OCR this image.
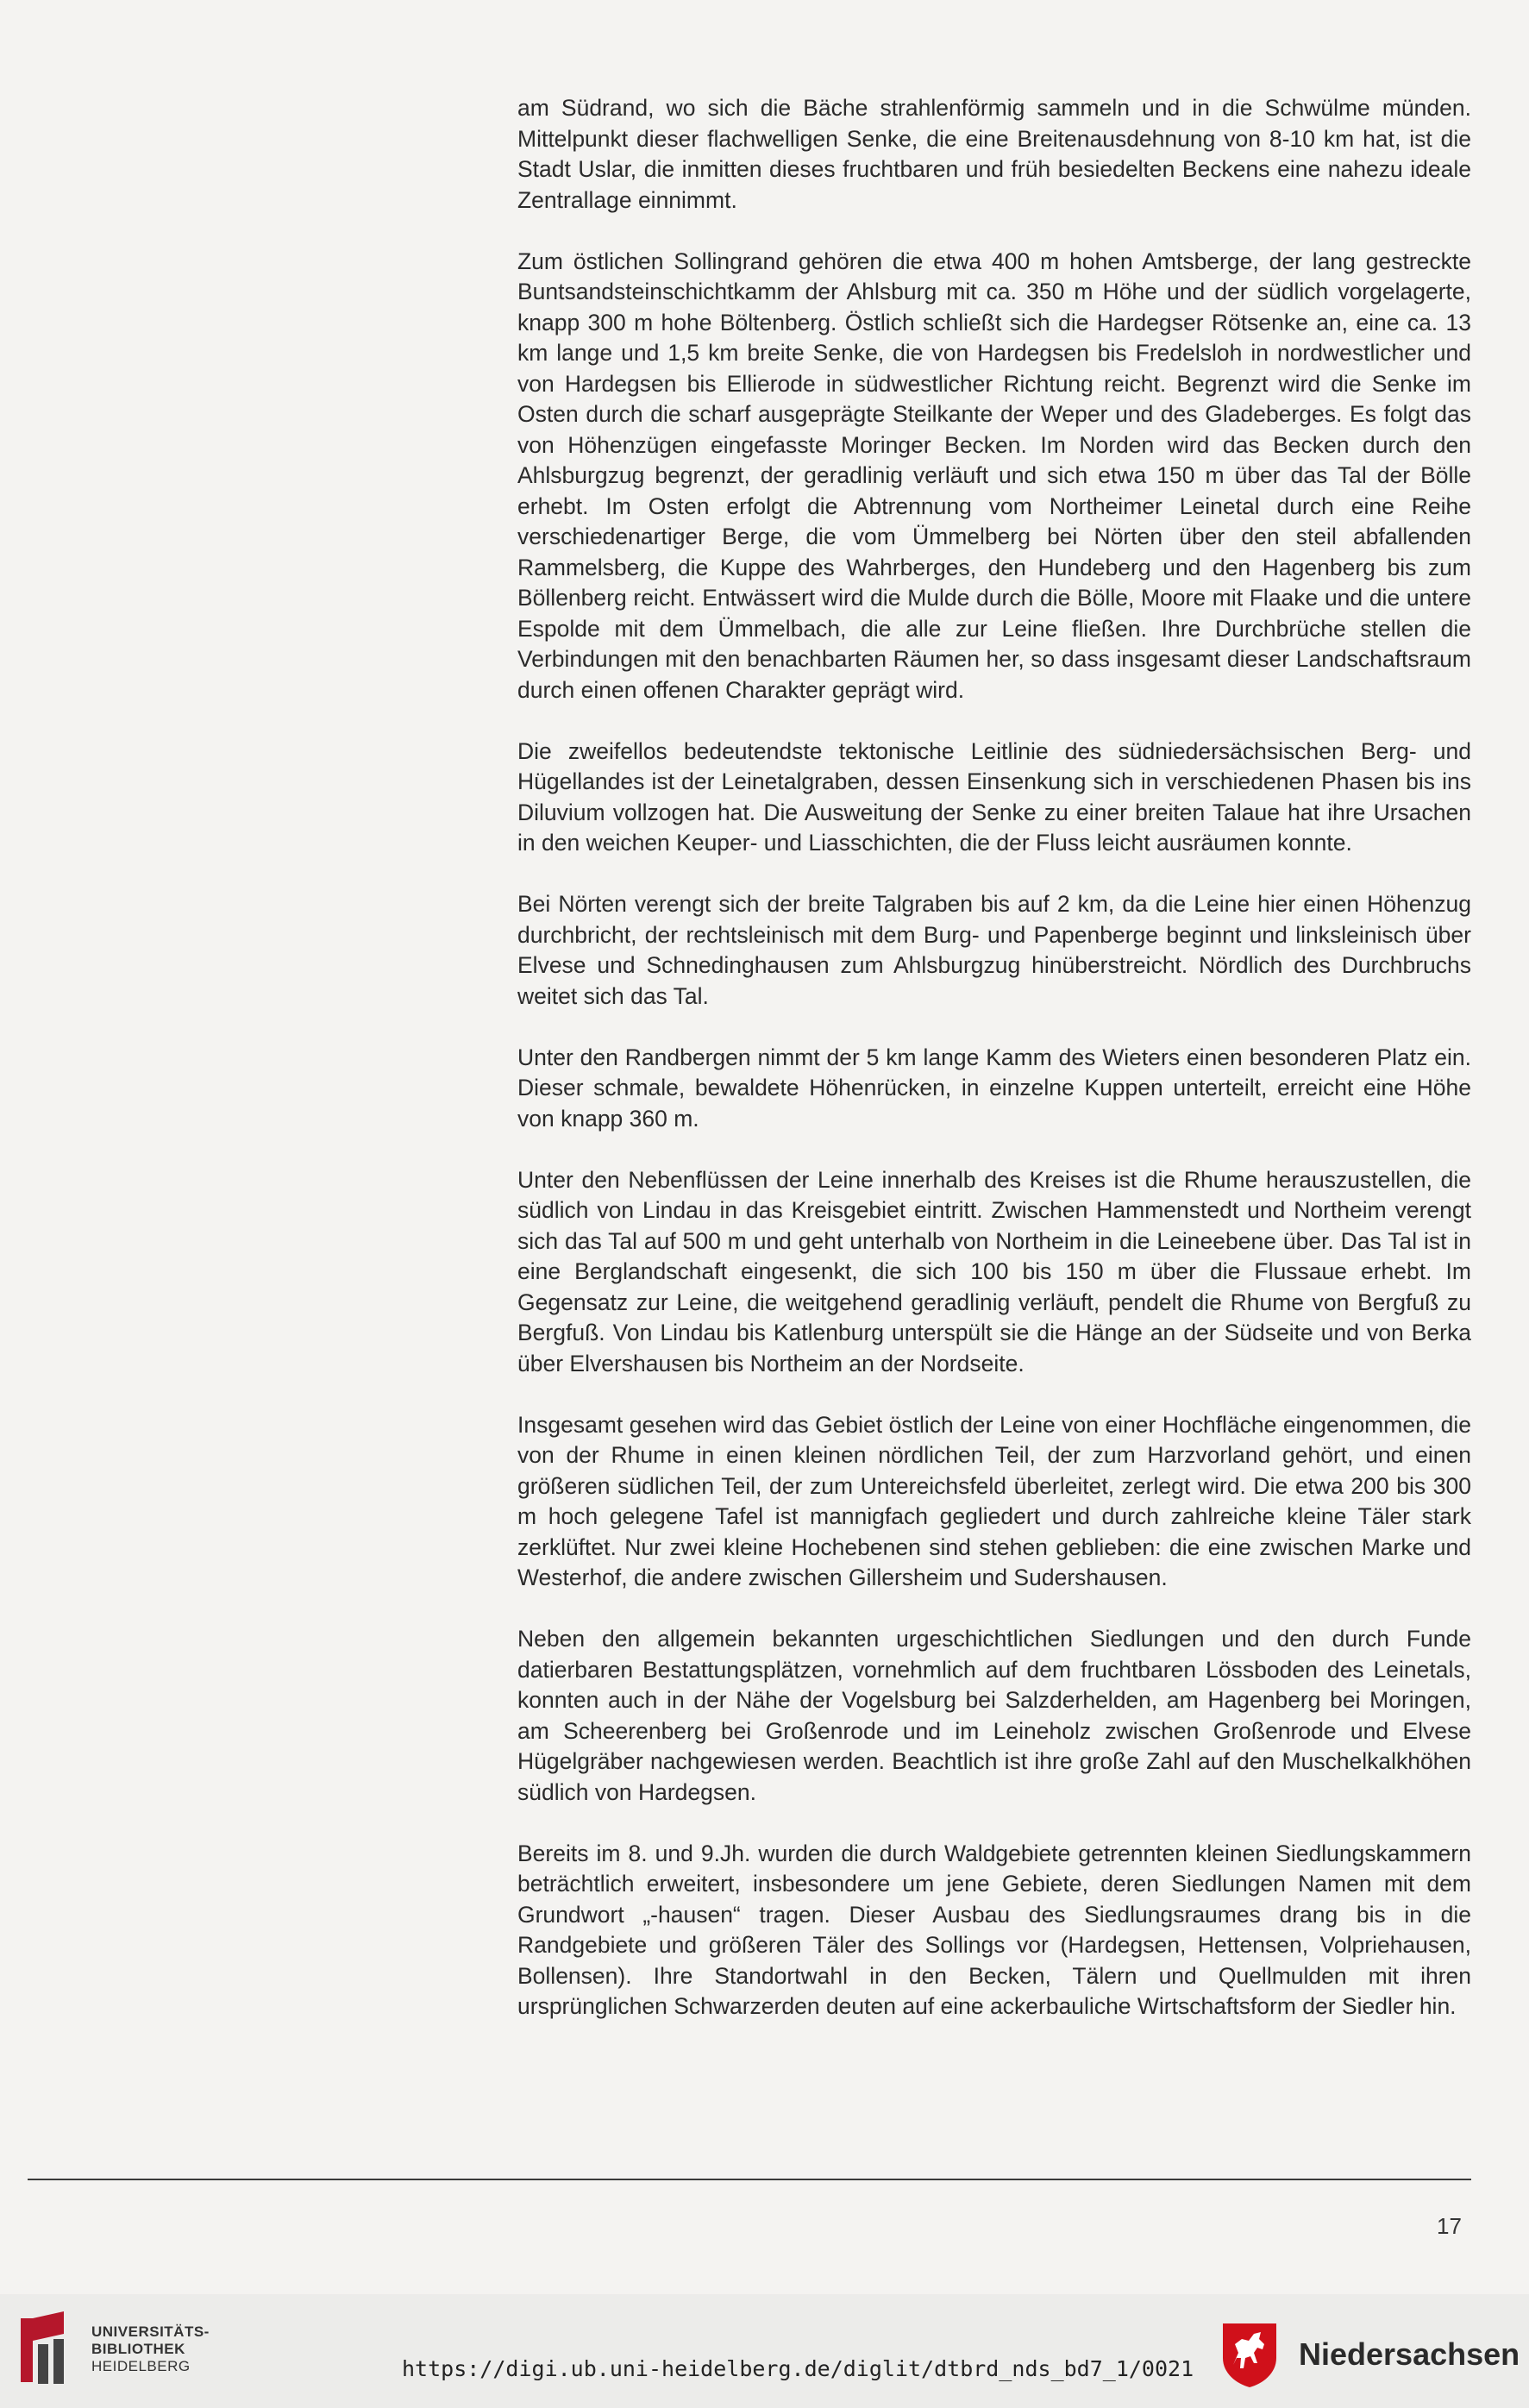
am Südrand, wo sich die Bäche strahlenförmig sammeln und in die Schwülme münden. Mittelpunkt dieser flachwelligen Senke, die eine Breitenausdehnung von 8-10 km hat, ist die Stadt Uslar, die inmitten dieses fruchtbaren und früh besiedelten Beckens eine nahezu ideale Zentrallage einnimmt.

Zum östlichen Sollingrand gehören die etwa 400 m hohen Amtsberge, der lang gestreckte Buntsandsteinschichtkamm der Ahlsburg mit ca. 350 m Höhe und der südlich vorgelagerte, knapp 300 m hohe Böltenberg. Östlich schließt sich die Hardegser Rötsenke an, eine ca. 13 km lange und 1,5 km breite Senke, die von Hardegsen bis Fredelsloh in nordwestlicher und von Hardegsen bis Ellierode in südwestlicher Richtung reicht. Begrenzt wird die Senke im Osten durch die scharf ausgeprägte Steilkante der Weper und des Gladeberges. Es folgt das von Höhenzügen eingefasste Moringer Becken. Im Norden wird das Becken durch den Ahlsburgzug begrenzt, der geradlinig verläuft und sich etwa 150 m über das Tal der Bölle erhebt. Im Osten erfolgt die Abtrennung vom Northeimer Leinetal durch eine Reihe verschiedenartiger Berge, die vom Ümmelberg bei Nörten über den steil abfallenden Rammelsberg, die Kuppe des Wahrberges, den Hundeberg und den Hagenberg bis zum Böllenberg reicht. Entwässert wird die Mulde durch die Bölle, Moore mit Flaake und die untere Espolde mit dem Ümmelbach, die alle zur Leine fließen. Ihre Durchbrüche stellen die Verbindungen mit den benachbarten Räumen her, so dass insgesamt dieser Landschaftsraum durch einen offenen Charakter geprägt wird.

Die zweifellos bedeutendste tektonische Leitlinie des südniedersächsischen Berg- und Hügellandes ist der Leinetalgraben, dessen Einsenkung sich in verschiedenen Phasen bis ins Diluvium vollzogen hat. Die Ausweitung der Senke zu einer breiten Talaue hat ihre Ursachen in den weichen Keuper- und Liasschichten, die der Fluss leicht ausräumen konnte.

Bei Nörten verengt sich der breite Talgraben bis auf 2 km, da die Leine hier einen Höhenzug durchbricht, der rechtsleinisch mit dem Burg- und Papenberge beginnt und linksleinisch über Elvese und Schnedinghausen zum Ahlsburgzug hinüberstreicht. Nördlich des Durchbruchs weitet sich das Tal.

Unter den Randbergen nimmt der 5 km lange Kamm des Wieters einen besonderen Platz ein. Dieser schmale, bewaldete Höhenrücken, in einzelne Kuppen unterteilt, erreicht eine Höhe von knapp 360 m.

Unter den Nebenflüssen der Leine innerhalb des Kreises ist die Rhume herauszustellen, die südlich von Lindau in das Kreisgebiet eintritt. Zwischen Hammenstedt und Northeim verengt sich das Tal auf 500 m und geht unterhalb von Northeim in die Leineebene über. Das Tal ist in eine Berglandschaft eingesenkt, die sich 100 bis 150 m über die Flussaue erhebt. Im Gegensatz zur Leine, die weitgehend geradlinig verläuft, pendelt die Rhume von Bergfuß zu Bergfuß. Von Lindau bis Katlenburg unterspült sie die Hänge an der Südseite und von Berka über Elvershausen bis Northeim an der Nordseite.

Insgesamt gesehen wird das Gebiet östlich der Leine von einer Hochfläche eingenommen, die von der Rhume in einen kleinen nördlichen Teil, der zum Harzvorland gehört, und einen größeren südlichen Teil, der zum Untereichsfeld überleitet, zerlegt wird. Die etwa 200 bis 300 m hoch gelegene Tafel ist mannigfach gegliedert und durch zahlreiche kleine Täler stark zerklüftet. Nur zwei kleine Hochebenen sind stehen geblieben: die eine zwischen Marke und Westerhof, die andere zwischen Gillersheim und Sudershausen.

Neben den allgemein bekannten urgeschichtlichen Siedlungen und den durch Funde datierbaren Bestattungsplätzen, vornehmlich auf dem fruchtbaren Lössboden des Leinetals, konnten auch in der Nähe der Vogelsburg bei Salzderhelden, am Hagenberg bei Moringen, am Scheerenberg bei Großenrode und im Leineholz zwischen Großenrode und Elvese Hügelgräber nachgewiesen werden. Beachtlich ist ihre große Zahl auf den Muschelkalkhöhen südlich von Hardegsen.

Bereits im 8. und 9.Jh. wurden die durch Waldgebiete getrennten kleinen Siedlungskammern beträchtlich erweitert, insbesondere um jene Gebiete, deren Siedlungen Namen mit dem Grundwort „-hausen“ tragen. Dieser Ausbau des Siedlungsraumes drang bis in die Randgebiete und größeren Täler des Sollings vor (Hardegsen, Hettensen, Volpriehausen, Bollensen). Ihre Standortwahl in den Becken, Tälern und Quellmulden mit ihren ursprünglichen Schwarzerden deuten auf eine ackerbauliche Wirtschaftsform der Siedler hin.

17
UNIVERSITÄTS-
BIBLIOTHEK
HEIDELBERG	https://digi.ub.uni-heidelberg.de/diglit/dtbrd_nds_bd7_1/0021	Niedersachsen
